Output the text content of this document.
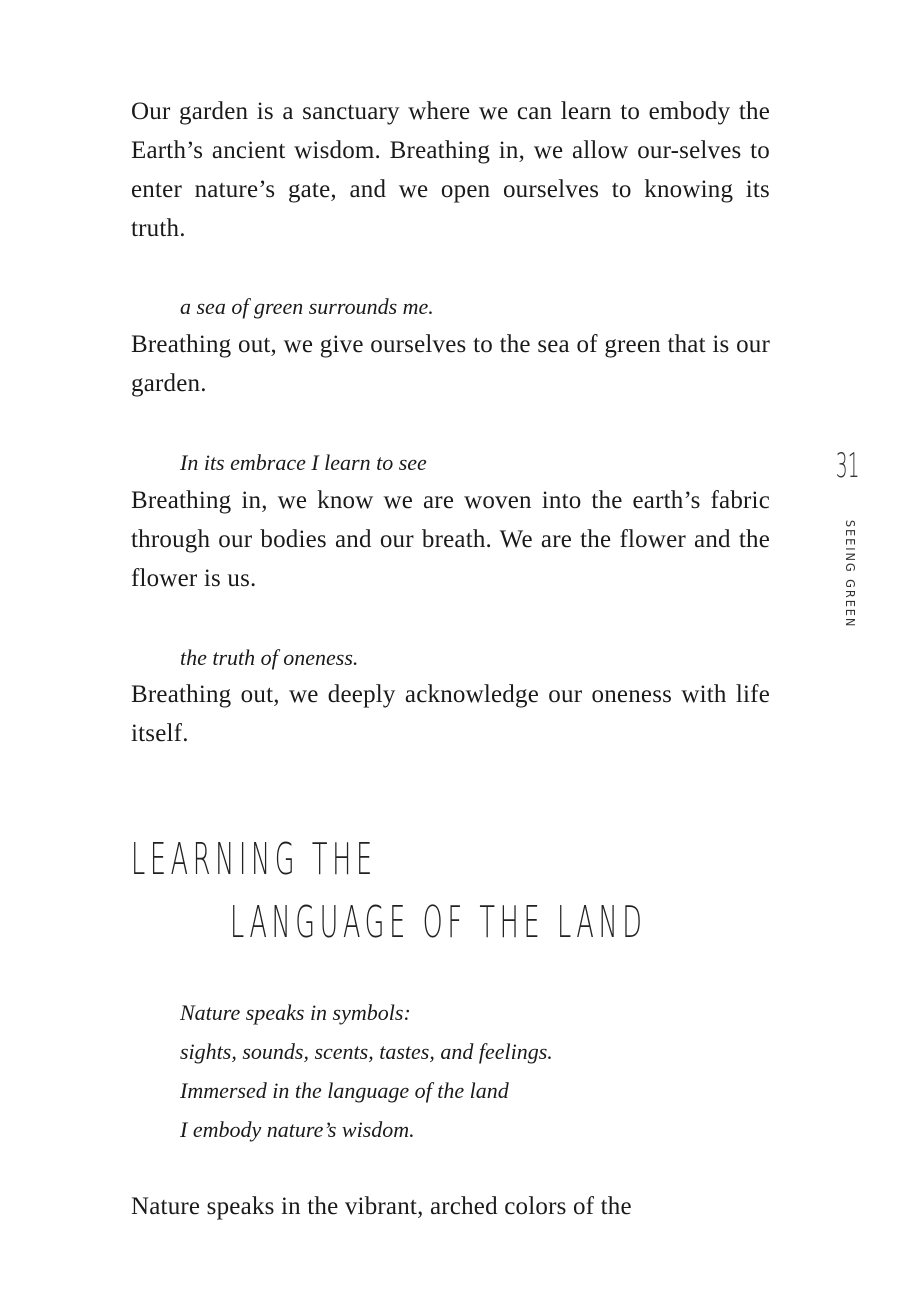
Our garden is a sanctuary where we can learn to embody the Earth’s ancient wisdom. Breathing in, we allow our-selves to enter nature’s gate, and we open ourselves to knowing its truth.

a sea of green surrounds me.

Breathing out, we give ourselves to the sea of green that is our garden.

In its embrace I learn to see

Breathing in, we know we are woven into the earth’s fabric through our bodies and our breath. We are the flower and the flower is us.

the truth of oneness.

Breathing out, we deeply acknowledge our oneness with life itself.

LEARNING THE
LANGUAGE OF THE LAND
Nature speaks in symbols:
sights, sounds, scents, tastes, and feelings.
Immersed in the language of the land
I embody nature’s wisdom.

Nature speaks in the vibrant, arched colors of the

31
SEEING GREEN
